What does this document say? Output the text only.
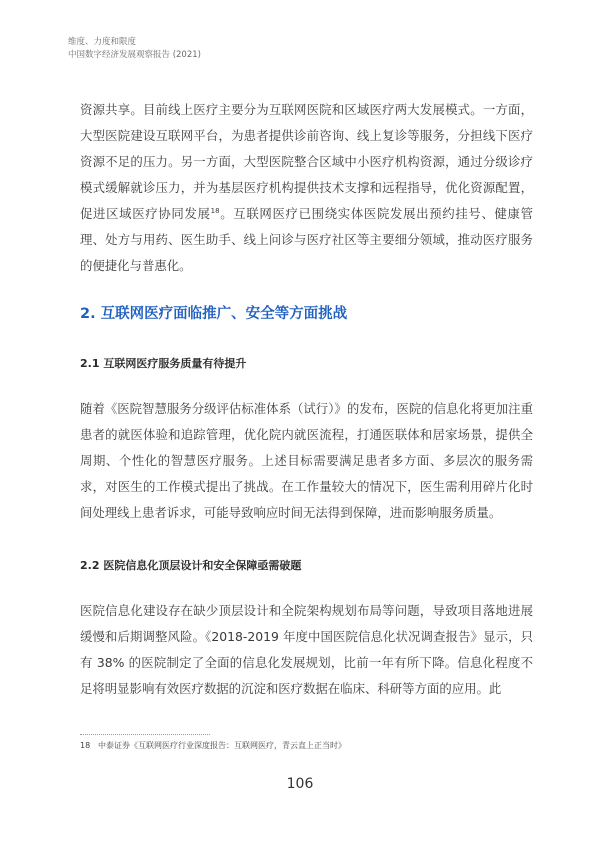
维度、力度和限度
中国数字经济发展观察报告 (2021)

资源共享。目前线上医疗主要分为互联网医院和区域医疗两大发展模式。一方面，大型医院建设互联网平台，为患者提供诊前咨询、线上复诊等服务，分担线下医疗资源不足的压力。另一方面，大型医院整合区域中小医疗机构资源，通过分级诊疗模式缓解就诊压力，并为基层医疗机构提供技术支撑和远程指导，优化资源配置，促进区域医疗协同发展$^{18}$。互联网医疗已围绕实体医院发展出预约挂号、健康管理、处方与用药、医生助手、线上问诊与医疗社区等主要细分领域，推动医疗服务的便捷化与普惠化。

2. 互联网医疗面临推广、安全等方面挑战
2.1 互联网医疗服务质量有待提升

随着《医院智慧服务分级评估标准体系（试行）》的发布，医院的信息化将更加注重患者的就医体验和追踪管理，优化院内就医流程，打通医联体和居家场景，提供全周期、个性化的智慧医疗服务。上述目标需要满足患者多方面、多层次的服务需求，对医生的工作模式提出了挑战。在工作量较大的情况下，医生需利用碎片化时间处理线上患者诉求，可能导致响应时间无法得到保障，进而影响服务质量。

2.2 医院信息化顶层设计和安全保障亟需破题

医院信息化建设存在缺少顶层设计和全院架构规划布局等问题，导致项目落地进展缓慢和后期调整风险。《2018-2019 年度中国医院信息化状况调查报告》显示，只有 38% 的医院制定了全面的信息化发展规划，比前一年有所下降。信息化程度不足将明显影响有效医疗数据的沉淀和医疗数据在临床、科研等方面的应用。此

18 中泰证券《互联网医疗行业深度报告：互联网医疗，青云直上正当时》
106
